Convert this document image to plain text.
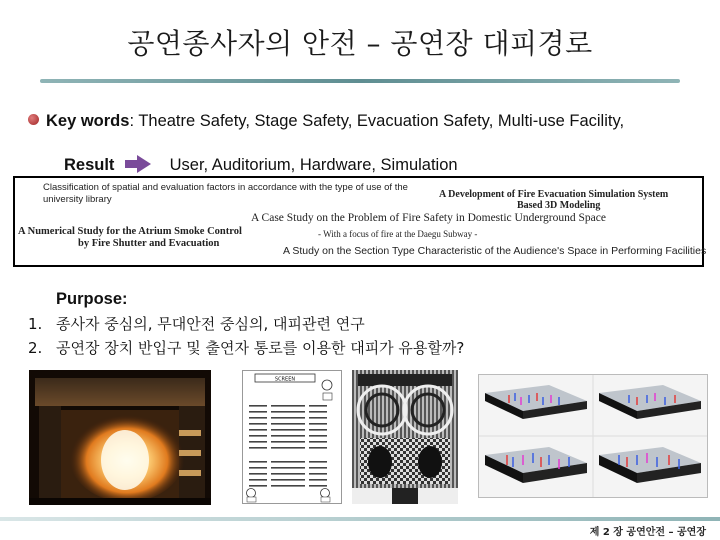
공연종사자의 안전 – 공연장 대피경로
Key words: Theatre Safety, Stage Safety, Evacuation Safety, Multi-use Facility,
Result	User, Auditorium, Hardware, Simulation
Classification of spatial and evaluation factors in accordance with the type of use of the
university library	A Development of Fire Evacuation Simulation System
Based 3D Modeling
A Case Study on the Problem of Fire Safety in Domestic Underground Space
- With a focus of fire at the Daegu Subway -
A Numerical Study for the Atrium Smoke Control
by Fire Shutter and Evacuation
A Study on the Section Type Characteristic of the Audience's Space in Performing Facilities
Purpose:
1. 종사자 중심의, 무대안전 중심의, 대피관련 연구
2. 공연장 장치 반입구 및 출연자 통로를 이용한 대피가 유용할까?
SCREEN
제 2 장 공연안전 – 공연장
